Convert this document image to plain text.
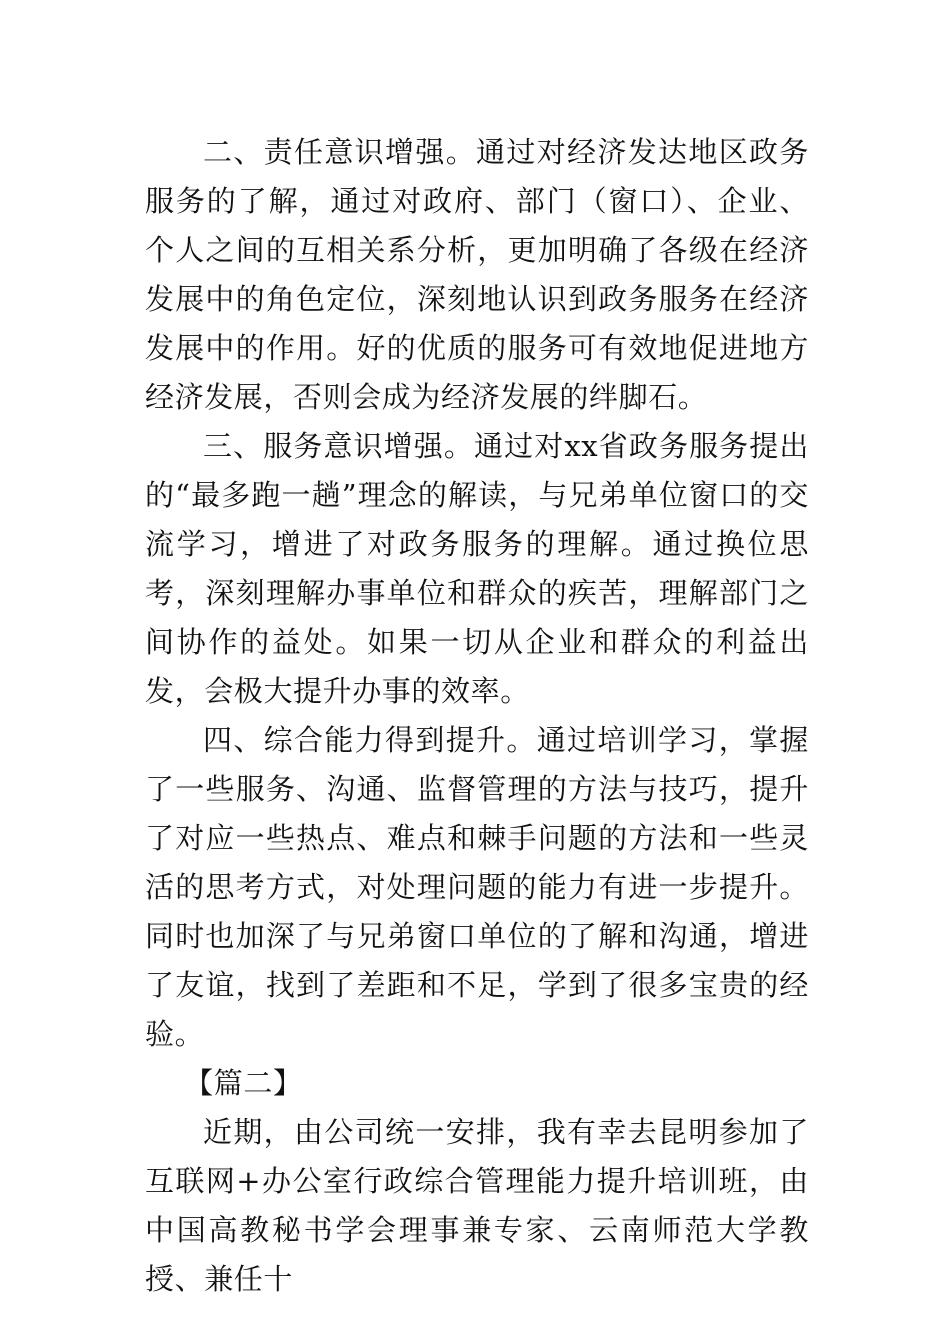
二、责任意识增强。通过对经济发达地区政务服务的了解，通过对政府、部门（窗口）、企业、个人之间的互相关系分析，更加明确了各级在经济发展中的角色定位，深刻地认识到政务服务在经济发展中的作用。好的优质的服务可有效地促进地方经济发展，否则会成为经济发展的绊脚石。

三、服务意识增强。通过对xx省政务服务提出的“最多跑一趟”理念的解读，与兄弟单位窗口的交流学习，增进了对政务服务的理解。通过换位思考，深刻理解办事单位和群众的疾苦，理解部门之间协作的益处。如果一切从企业和群众的利益出发，会极大提升办事的效率。

四、综合能力得到提升。通过培训学习，掌握了一些服务、沟通、监督管理的方法与技巧，提升了对应一些热点、难点和棘手问题的方法和一些灵活的思考方式，对处理问题的能力有进一步提升。同时也加深了与兄弟窗口单位的了解和沟通，增进了友谊，找到了差距和不足，学到了很多宝贵的经验。

【篇二】

近期，由公司统一安排，我有幸去昆明参加了互联网+办公室行政综合管理能力提升培训班，由中国高教秘书学会理事兼专家、云南师范大学教授、兼任十
